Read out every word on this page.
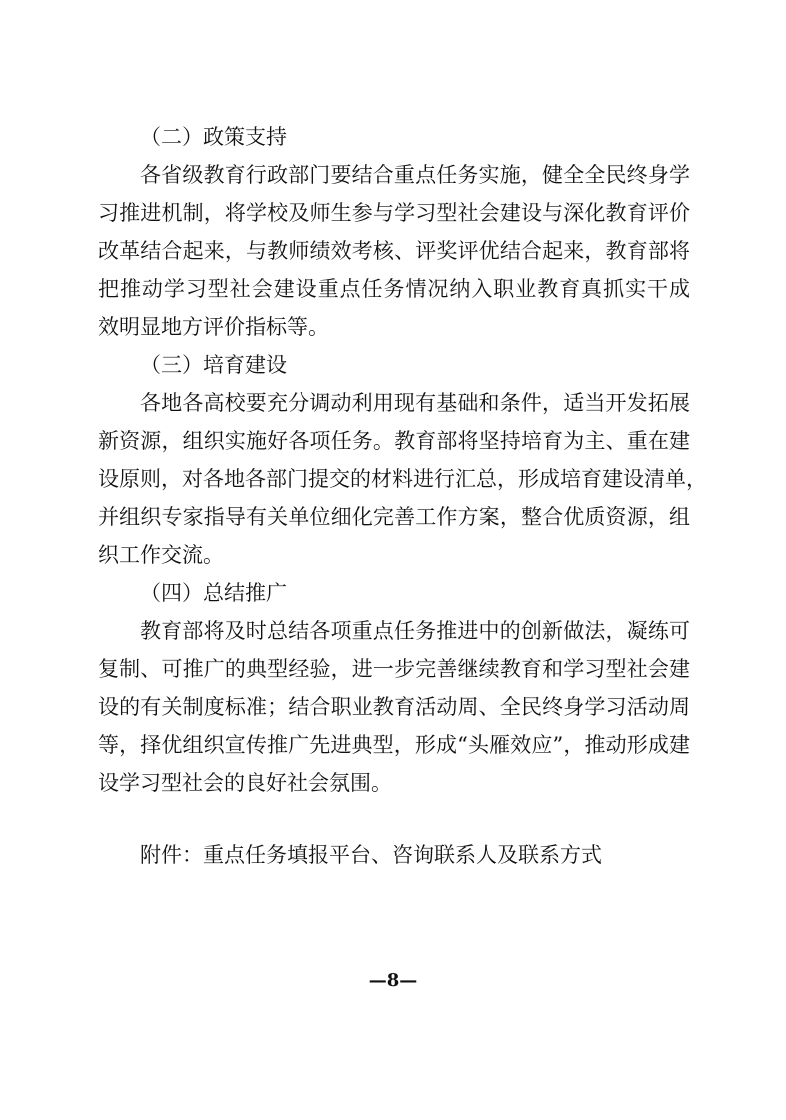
（二）政策支持
各省级教育行政部门要结合重点任务实施，健全全民终身学
习推进机制，将学校及师生参与学习型社会建设与深化教育评价
改革结合起来，与教师绩效考核、评奖评优结合起来，教育部将
把推动学习型社会建设重点任务情况纳入职业教育真抓实干成
效明显地方评价指标等。
（三）培育建设
各地各高校要充分调动利用现有基础和条件，适当开发拓展
新资源，组织实施好各项任务。教育部将坚持培育为主、重在建
设原则，对各地各部门提交的材料进行汇总，形成培育建设清单，
并组织专家指导有关单位细化完善工作方案，整合优质资源，组
织工作交流。
（四）总结推广
教育部将及时总结各项重点任务推进中的创新做法，凝练可
复制、可推广的典型经验，进一步完善继续教育和学习型社会建
设的有关制度标准；结合职业教育活动周、全民终身学习活动周
等，择优组织宣传推广先进典型，形成“头雁效应”，推动形成建
设学习型社会的良好社会氛围。
附件：重点任务填报平台、咨询联系人及联系方式
—8—
